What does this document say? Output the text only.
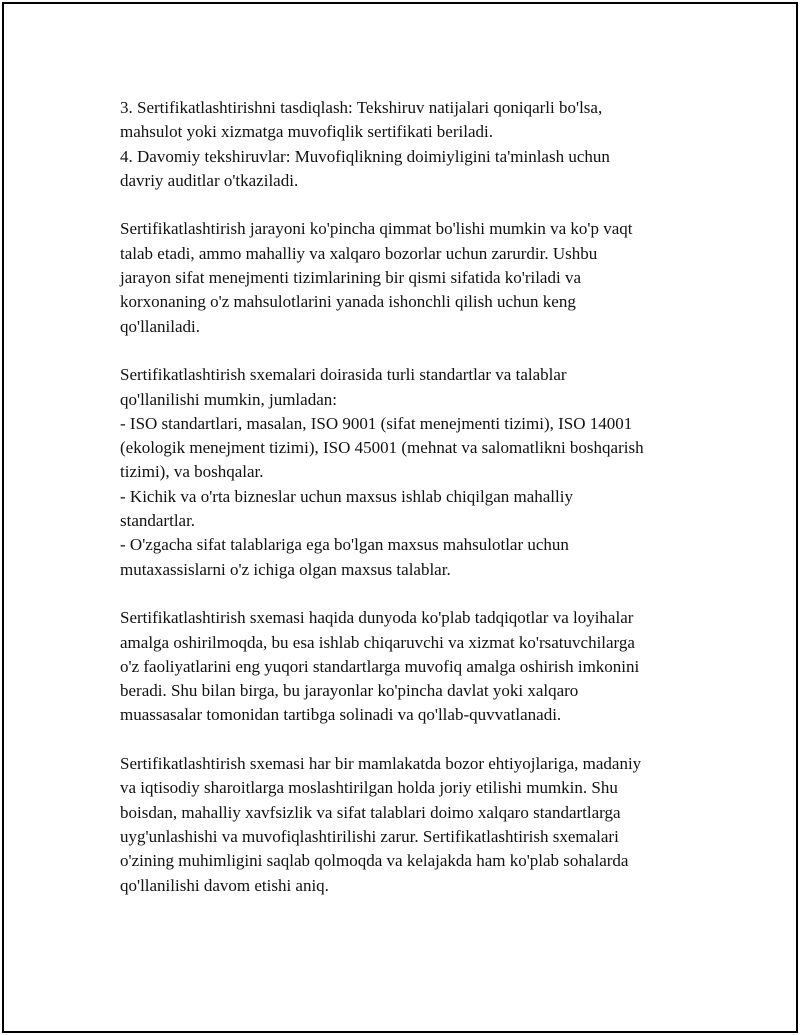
3. Sertifikatlashtirishni tasdiqlash: Tekshiruv natijalari qoniqarli bo'lsa,
mahsulot yoki xizmatga muvofiqlik sertifikati beriladi.
4. Davomiy tekshiruvlar: Muvofiqlikning doimiyligini ta'minlash uchun
davriy auditlar o'tkaziladi.
Sertifikatlashtirish jarayoni ko'pincha qimmat bo'lishi mumkin va ko'p vaqt
talab etadi, ammo mahalliy va xalqaro bozorlar uchun zarurdir. Ushbu
jarayon sifat menejmenti tizimlarining bir qismi sifatida ko'riladi va
korxonaning o'z mahsulotlarini yanada ishonchli qilish uchun keng
qo'llaniladi.
Sertifikatlashtirish sxemalari doirasida turli standartlar va talablar
qo'llanilishi mumkin, jumladan:
- ISO standartlari, masalan, ISO 9001 (sifat menejmenti tizimi), ISO 14001
(ekologik menejment tizimi), ISO 45001 (mehnat va salomatlikni boshqarish
tizimi), va boshqalar.
- Kichik va o'rta bizneslar uchun maxsus ishlab chiqilgan mahalliy
standartlar.
- O'zgacha sifat talablariga ega bo'lgan maxsus mahsulotlar uchun
mutaxassislarni o'z ichiga olgan maxsus talablar.
Sertifikatlashtirish sxemasi haqida dunyoda ko'plab tadqiqotlar va loyihalar
amalga oshirilmoqda, bu esa ishlab chiqaruvchi va xizmat ko'rsatuvchilarga
o'z faoliyatlarini eng yuqori standartlarga muvofiq amalga oshirish imkonini
beradi. Shu bilan birga, bu jarayonlar ko'pincha davlat yoki xalqaro
muassasalar tomonidan tartibga solinadi va qo'llab-quvvatlanadi.
Sertifikatlashtirish sxemasi har bir mamlakatda bozor ehtiyojlariga, madaniy
va iqtisodiy sharoitlarga moslashtirilgan holda joriy etilishi mumkin. Shu
boisdan, mahalliy xavfsizlik va sifat talablari doimo xalqaro standartlarga
uyg'unlashishi va muvofiqlashtirilishi zarur. Sertifikatlashtirish sxemalari
o'zining muhimligini saqlab qolmoqda va kelajakda ham ko'plab sohalarda
qo'llanilishi davom etishi aniq.
